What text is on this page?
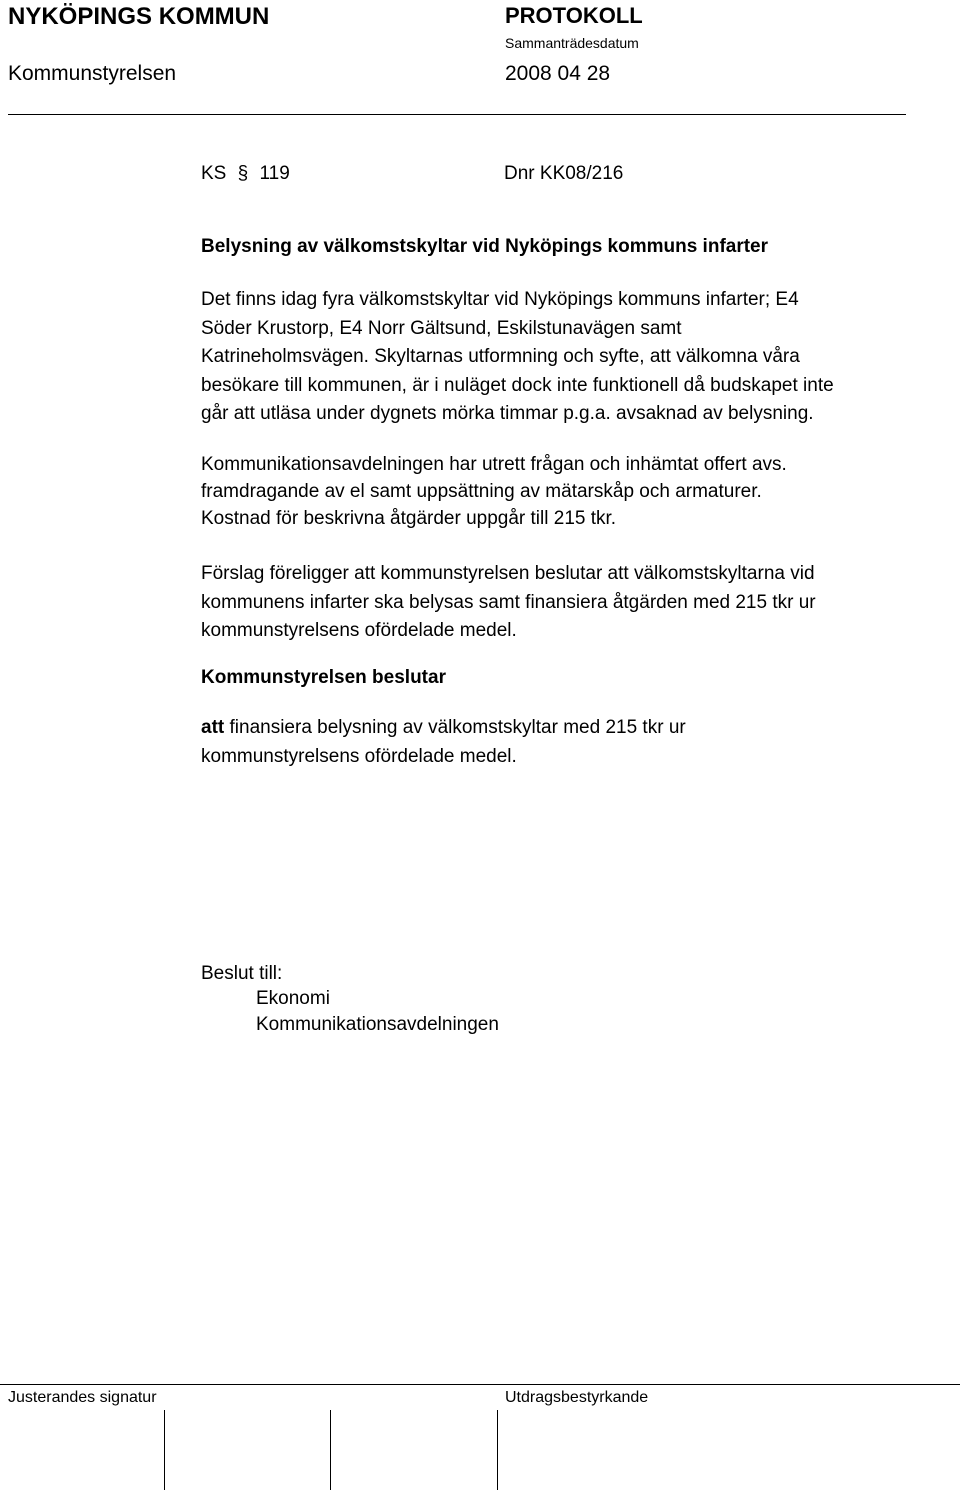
NYKÖPINGS KOMMUN	PROTOKOLL
Sammanträdesdatum
Kommunstyrelsen	2008 04 28
KS § 119	Dnr KK08/216
Belysning av välkomstskyltar vid Nyköpings kommuns infarter
Det finns idag fyra välkomstskyltar vid Nyköpings kommuns infarter; E4
Söder Krustorp, E4 Norr Gältsund, Eskilstunavägen samt
Katrineholmsvägen. Skyltarnas utformning och syfte, att välkomna våra
besökare till kommunen, är i nuläget dock inte funktionell då budskapet inte
går att utläsa under dygnets mörka timmar p.g.a. avsaknad av belysning.
Kommunikationsavdelningen har utrett frågan och inhämtat offert avs.
framdragande av el samt uppsättning av mätarskåp och armaturer.
Kostnad för beskrivna åtgärder uppgår till 215 tkr.
Förslag föreligger att kommunstyrelsen beslutar att välkomstskyltarna vid
kommunens infarter ska belysas samt finansiera åtgärden med 215 tkr ur
kommunstyrelsens ofördelade medel.
Kommunstyrelsen beslutar
att finansiera belysning av välkomstskyltar med 215 tkr ur
kommunstyrelsens ofördelade medel.
Beslut till:
Ekonomi
Kommunikationsavdelningen
Justerandes signatur	Utdragsbestyrkande
